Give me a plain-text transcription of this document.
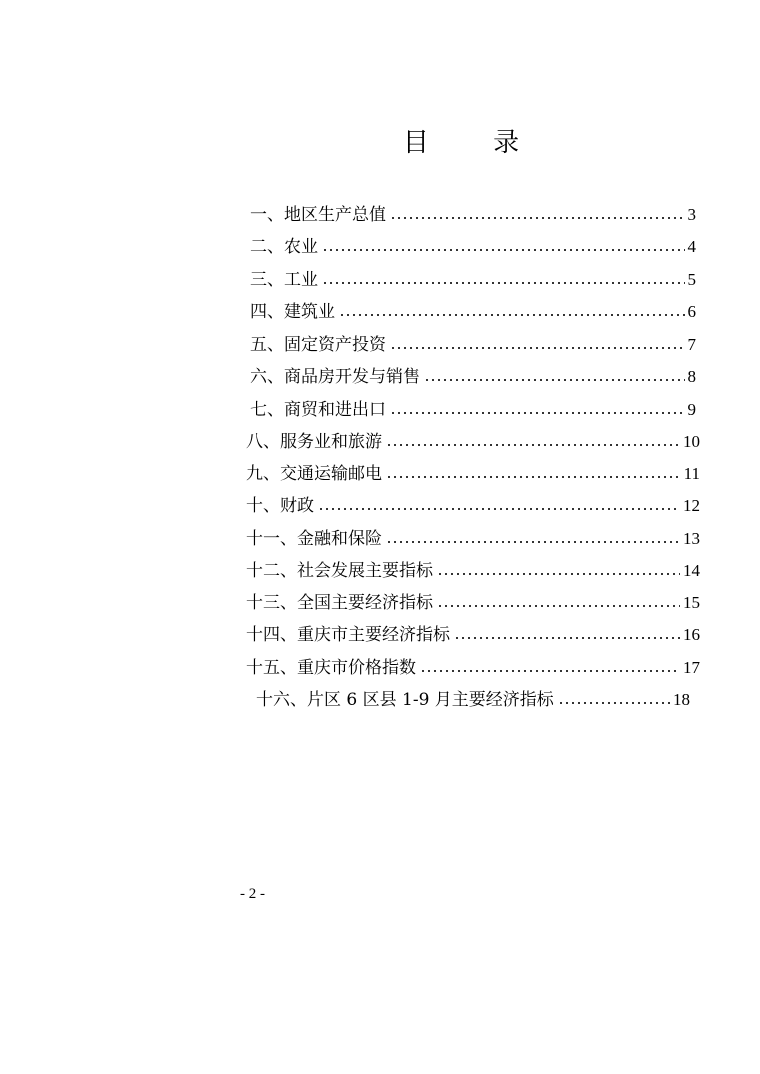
目 录
一、地区生产总值	3
二、农业	4
三、工业	5
四、建筑业	6
五、固定资产投资	7
六、商品房开发与销售	8
七、商贸和进出口	9
八、服务业和旅游	10
九、交通运输邮电	11
十、财政	12
十一、金融和保险	13
十二、社会发展主要指标	14
十三、全国主要经济指标	15
十四、重庆市主要经济指标	16
十五、重庆市价格指数	17
十六、片区 6 区县 1-9 月主要经济指标	18
- 2 -
